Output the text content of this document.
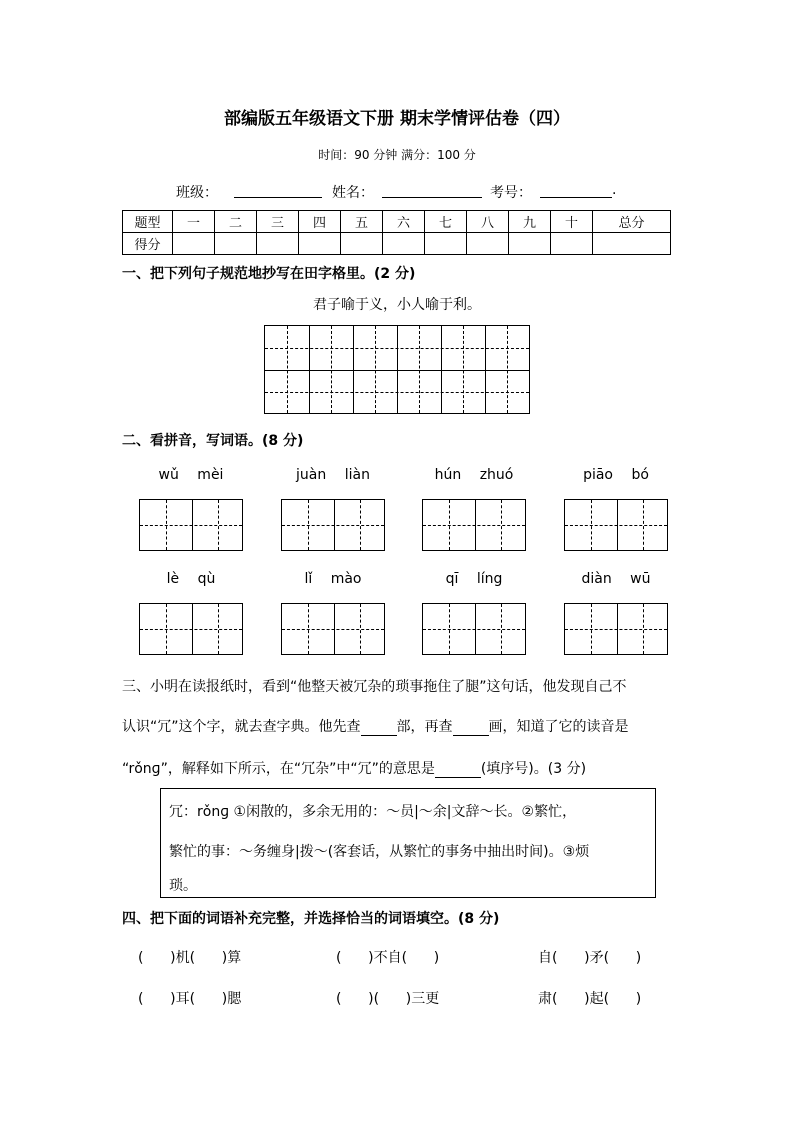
部编版五年级语文下册 期末学情评估卷（四）
时间：90 分钟 满分：100 分
班级：	姓名：	考号：	.
题型	一	二	三	四	五	六	七	八	九	十	总分
得分											
一、把下列句子规范地抄写在田字格里。(2 分)
君子喻于义，小人喻于利。
二、看拼音，写词语。(8 分)
wǔ mèi	juàn liàn	hún zhuó	piāo bó
lè qù	lǐ mào	qī líng	diàn wū
三、小明在读报纸时，看到“他整天被冗杂的琐事拖住了腿”这句话，他发现自己不
认识“冗”这个字，就去查字典。他先查	部，再查	画，知道了它的读音是
“rǒnɡ”，解释如下所示，在“冗杂”中“冗”的意思是	(填序号)。(3 分)
冗：rǒnɡ ①闲散的，多余无用的：～员|～余|文辞～长。②繁忙，
繁忙的事：～务缠身|拨～(客套话，从繁忙的事务中抽出时间)。③烦
琐。
四、把下面的词语补充完整，并选择恰当的词语填空。(8 分)
(      )机(      )算	(      )不自(      )	自(      )矛(      )
(      )耳(      )腮	(      )(      )三更	肃(      )起(      )
